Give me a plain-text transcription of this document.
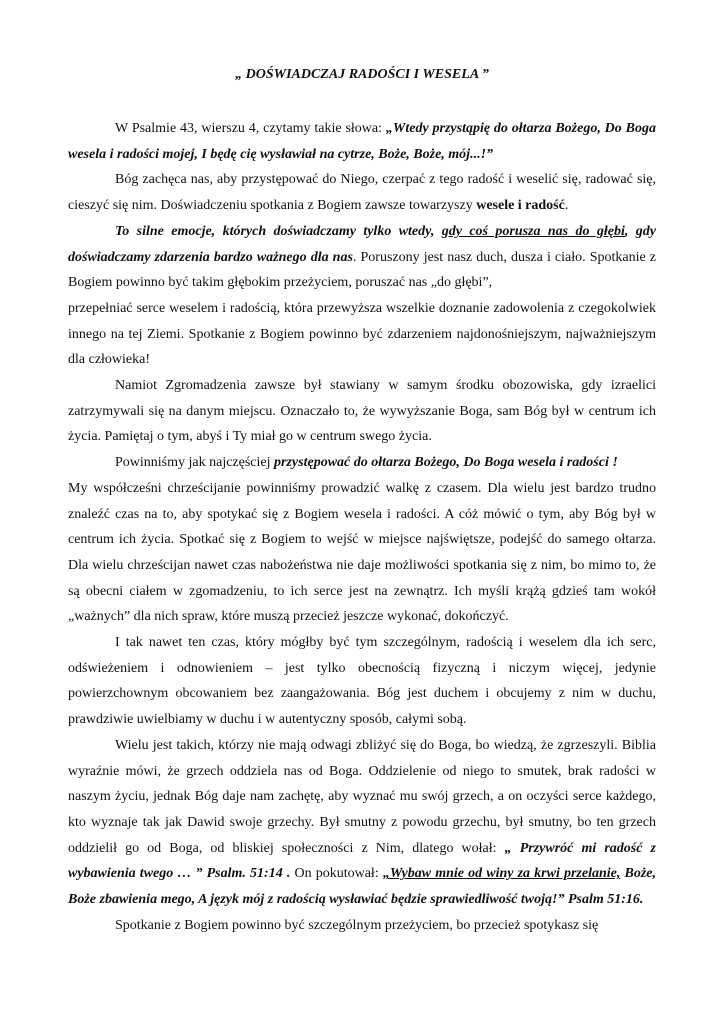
„ DOŚWIADCZAJ RADOŚCI I WESELA ”

W Psalmie 43, wierszu 4, czytamy takie słowa: „Wtedy przystąpię do ołtarza Bożego, Do Boga wesela i radości mojej, I będę cię wysławiał na cytrze, Boże, Boże, mój...!”

Bóg zachęca nas, aby przystępować do Niego, czerpać z tego radość i weselić się, radować się, cieszyć się nim. Doświadczeniu spotkania z Bogiem zawsze towarzyszy wesele i radość.

To silne emocje, których doświadczamy tylko wtedy, gdy coś porusza nas do głębi, gdy doświadczamy zdarzenia bardzo ważnego dla nas. Poruszony jest nasz duch, dusza i ciało. Spotkanie z Bogiem powinno być takim głębokim przeżyciem, poruszać nas „do głębi”,

przepełniać serce weselem i radością, która przewyższa wszelkie doznanie zadowolenia z czegokolwiek innego na tej Ziemi. Spotkanie z Bogiem powinno być zdarzeniem najdonośniejszym, najważniejszym dla człowieka!

Namiot Zgromadzenia zawsze był stawiany w samym środku obozowiska, gdy izraelici zatrzymywali się na danym miejscu. Oznaczało to, że wywyższanie Boga, sam Bóg był w centrum ich życia. Pamiętaj o tym, abyś i Ty miał go w centrum swego życia.

Powinniśmy jak najczęściej przystępować do ołtarza Bożego, Do Boga wesela i radości !

My współcześni chrześcijanie powinniśmy prowadzić walkę z czasem. Dla wielu jest bardzo trudno znaleźć czas na to, aby spotykać się z Bogiem wesela i radości. A cóż mówić o tym, aby Bóg był w centrum ich życia. Spotkać się z Bogiem to wejść w miejsce najświętsze, podejść do samego ołtarza. Dla wielu chrześcijan nawet czas nabożeństwa nie daje możliwości spotkania się z nim, bo mimo to, że są obecni ciałem w zgomadzeniu, to ich serce jest na zewnątrz. Ich myśli krążą gdzieś tam wokół „ważnych” dla nich spraw, które muszą przecież jeszcze wykonać, dokończyć.

I tak nawet ten czas, który mógłby być tym szczególnym, radością i weselem dla ich serc, odświeżeniem i odnowieniem – jest tylko obecnością fizyczną i niczym więcej, jedynie powierzchownym obcowaniem bez zaangażowania. Bóg jest duchem i obcujemy z nim w duchu, prawdziwie uwielbiamy w duchu i w autentyczny sposób, całymi sobą.

Wielu jest takich, którzy nie mają odwagi zbliżyć się do Boga, bo wiedzą, że zgrzeszyli. Biblia wyraźnie mówi, że grzech oddziela nas od Boga. Oddzielenie od niego to smutek, brak radości w naszym życiu, jednak Bóg daje nam zachętę, aby wyznać mu swój grzech, a on oczyści serce każdego, kto wyznaje tak jak Dawid swoje grzechy. Był smutny z powodu grzechu, był smutny, bo ten grzech oddzielił go od Boga, od bliskiej społeczności z Nim, dlatego wołał: „ Przywróć mi radość z wybawienia twego … ” Psalm. 51:14 . On pokutował: „Wybaw mnie od winy za krwi przelanie, Boże, Boże zbawienia mego, A język mój z radością wysławiać będzie sprawiedliwość twoją!” Psalm 51:16.

Spotkanie z Bogiem powinno być szczególnym przeżyciem, bo przecież spotykasz się
